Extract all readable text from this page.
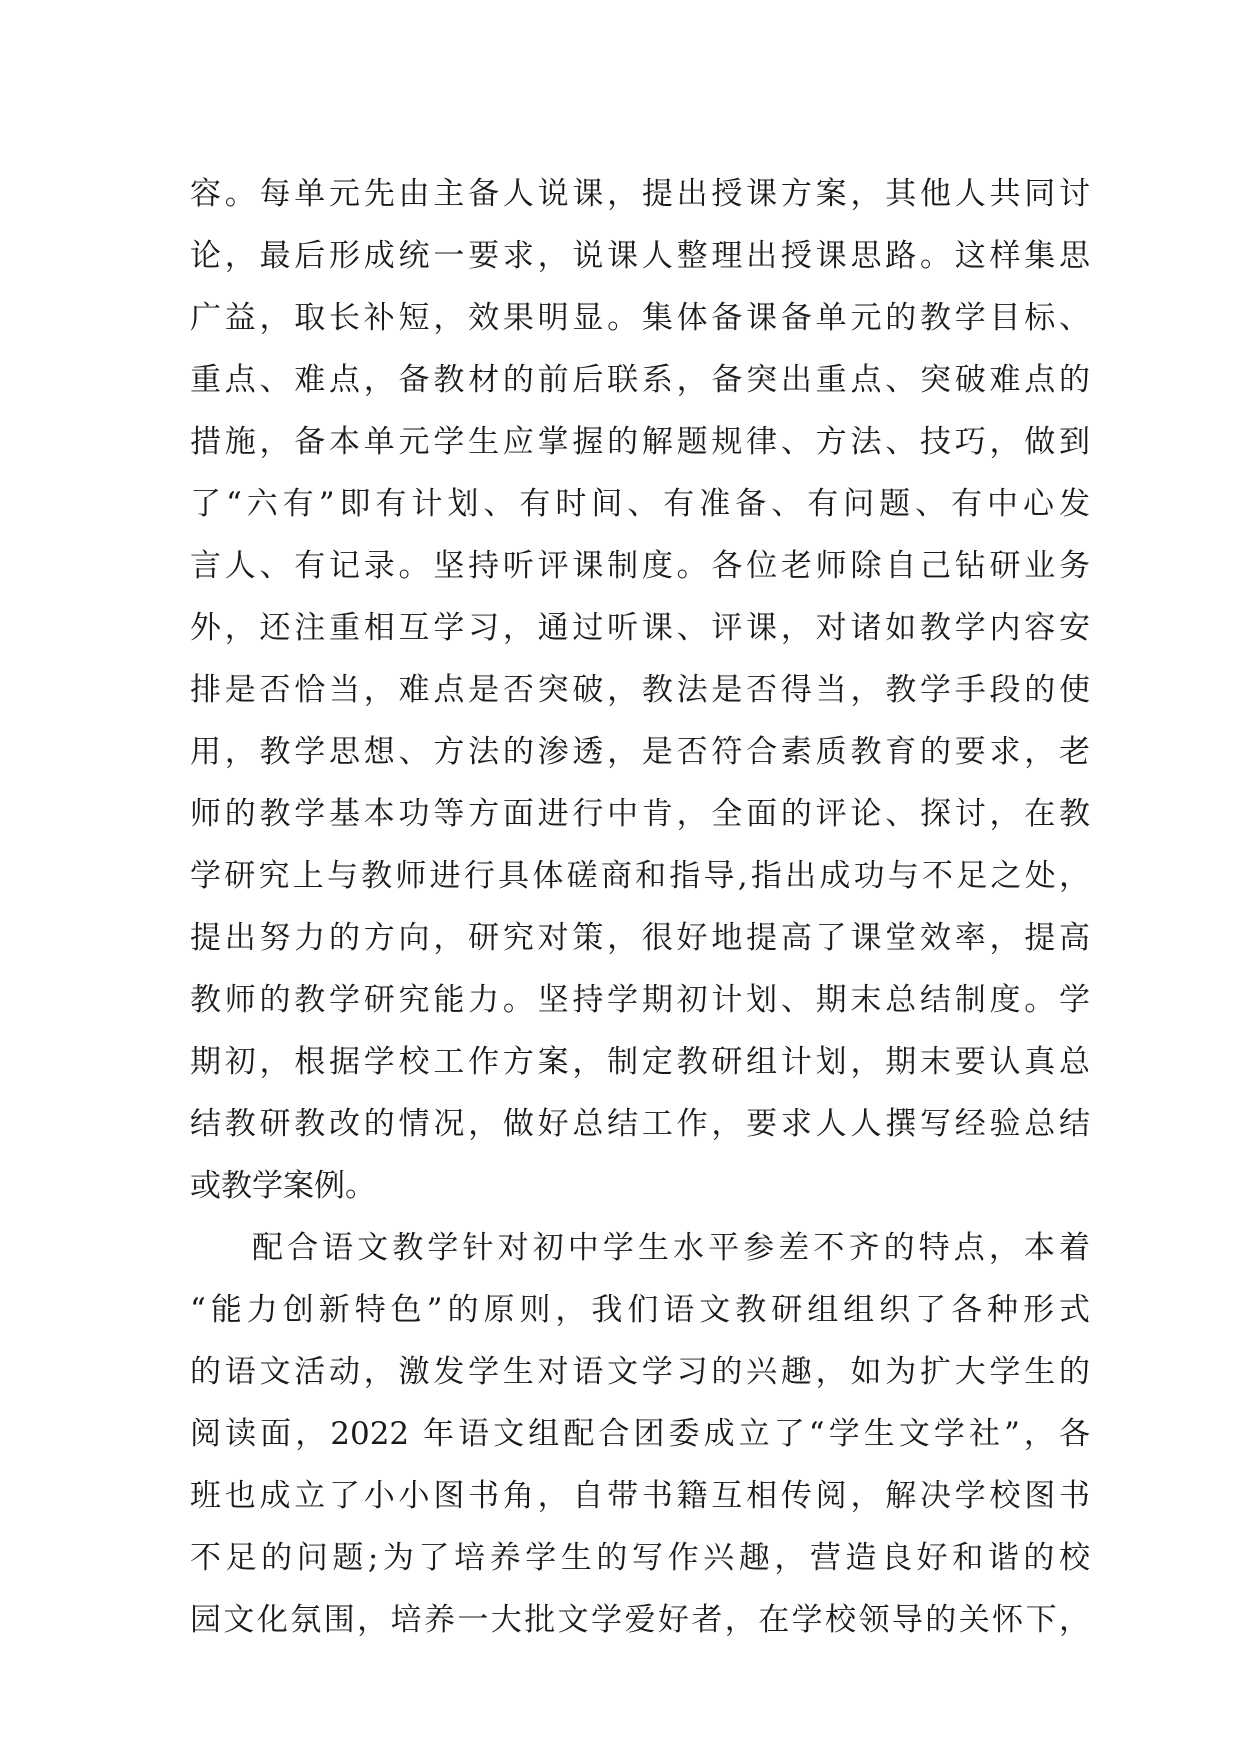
容。每单元先由主备人说课，提出授课方案，其他人共同讨
论，最后形成统一要求，说课人整理出授课思路。这样集思
广益，取长补短，效果明显。集体备课备单元的教学目标、
重点、难点，备教材的前后联系，备突出重点、突破难点的
措施，备本单元学生应掌握的解题规律、方法、技巧，做到
了“六有”即有计划、有时间、有准备、有问题、有中心发
言人、有记录。坚持听评课制度。各位老师除自己钻研业务
外，还注重相互学习，通过听课、评课，对诸如教学内容安
排是否恰当，难点是否突破，教法是否得当，教学手段的使
用，教学思想、方法的渗透，是否符合素质教育的要求，老
师的教学基本功等方面进行中肯，全面的评论、探讨，在教
学研究上与教师进行具体磋商和指导,指出成功与不足之处，
提出努力的方向，研究对策，很好地提高了课堂效率，提高
教师的教学研究能力。坚持学期初计划、期末总结制度。学
期初，根据学校工作方案，制定教研组计划，期末要认真总
结教研教改的情况，做好总结工作，要求人人撰写经验总结
或教学案例。
配合语文教学针对初中学生水平参差不齐的特点，本着
“能力创新特色”的原则，我们语文教研组组织了各种形式
的语文活动，激发学生对语文学习的兴趣，如为扩大学生的
阅读面，2022 年语文组配合团委成立了“学生文学社”，各
班也成立了小小图书角，自带书籍互相传阅，解决学校图书
不足的问题;为了培养学生的写作兴趣，营造良好和谐的校
园文化氛围，培养一大批文学爱好者，在学校领导的关怀下，
